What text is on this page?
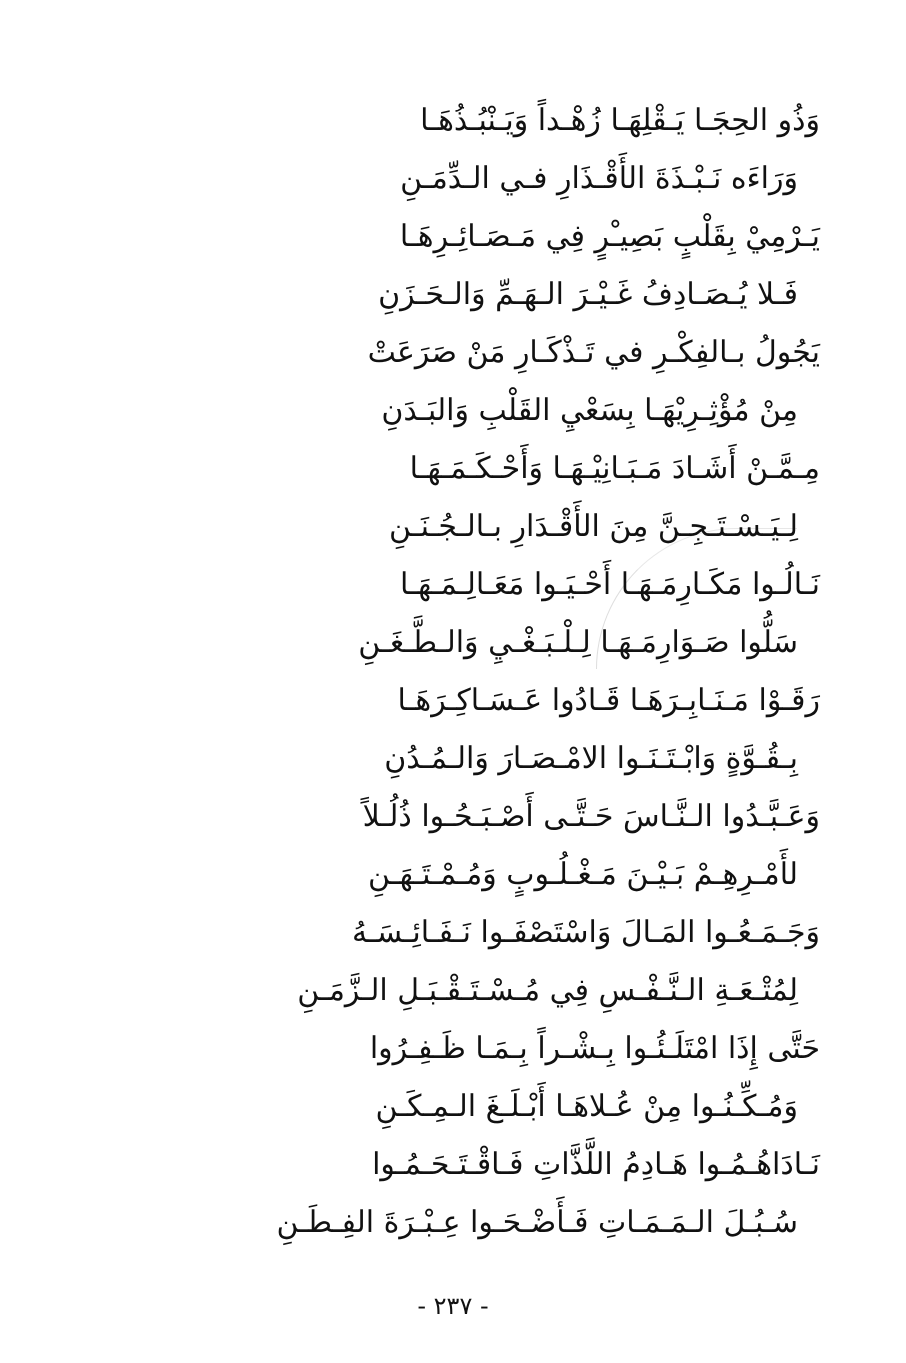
وَذُو الحِجَـا يَـقْلِهَـا زُهْـداً وَيَـنْبُـذُهَـا
وَرَاءَه نَـبْـذَةَ الأَقْـذَارِ فـي الـدِّمَـنِ
يَـرْمِيْ بِقَلْبٍ بَصِيـْرٍ فِي مَـصَـائِـرِهَـا
فَـلا يُـصَـادِفُ غَـيْـرَ الـهَـمِّ وَالـحَـزَنِ
يَجُولُ بـالفِكْـرِ في تَـذْكَـارِ مَنْ صَرَعَتْ
مِنْ مُؤْثِـرِيْهَـا بِسَعْيِ القَلْبِ وَالبَـدَنِ
مِـمَّـنْ أَشَـادَ مَـبَـانِيْـهَـا وَأَحْـكَـمَـهَـا
لِـيَـسْـتَـجِـنَّ مِنَ الأَقْـدَارِ بـالـجُـنَـنِ
نَـالُـوا مَكَـارِمَـهَـا أَحْـيَـوا مَعَـالِـمَـهَـا
سَلُّوا صَـوَارِمَـهَـا لِـلْـبَـغْـيِ وَالـطَّـغَـنِ
رَقَـوْا مَـنَـابِـرَهَـا قَـادُوا عَـسَـاكِـرَهَـا
بِـقُـوَّةٍ وَابْـتَـنَـوا الامْـصَـارَ وَالـمُـدُنِ
وَعَـبَّـدُوا الـنَّـاسَ حَـتَّـى أَصْـبَـحُـوا ذُلُـلاً
لأَمْـرِهِـمْ بَـيْـنَ مَـغْـلُـوبٍ وَمُـمْـتَـهَـنِ
وَجَـمَـعُـوا المَـالَ وَاسْتَصْفَـوا نَـفَـائِـسَـهُ
لِمُتْـعَـةِ الـنَّـفْـسِ فِي مُـسْـتَـقْـبَـلِ الـزَّمَـنِ
حَتَّى إِذَا امْتَلَـئُـوا بِـشْـراً بِـمَـا ظَـفِـرُوا
وَمُـكِّـنُـوا مِنْ عُـلاهَـا أَبْـلَـغَ الـمِـكَـنِ
نَـادَاهُـمُـوا هَـادِمُ اللَّذَّاتِ فَـاقْـتَـحَـمُـوا
سُـبُـلَ الـمَـمَـاتِ فَـأَضْـحَـوا عِـبْـرَةَ الفِـطَـنِ
- ٢٣٧ -
